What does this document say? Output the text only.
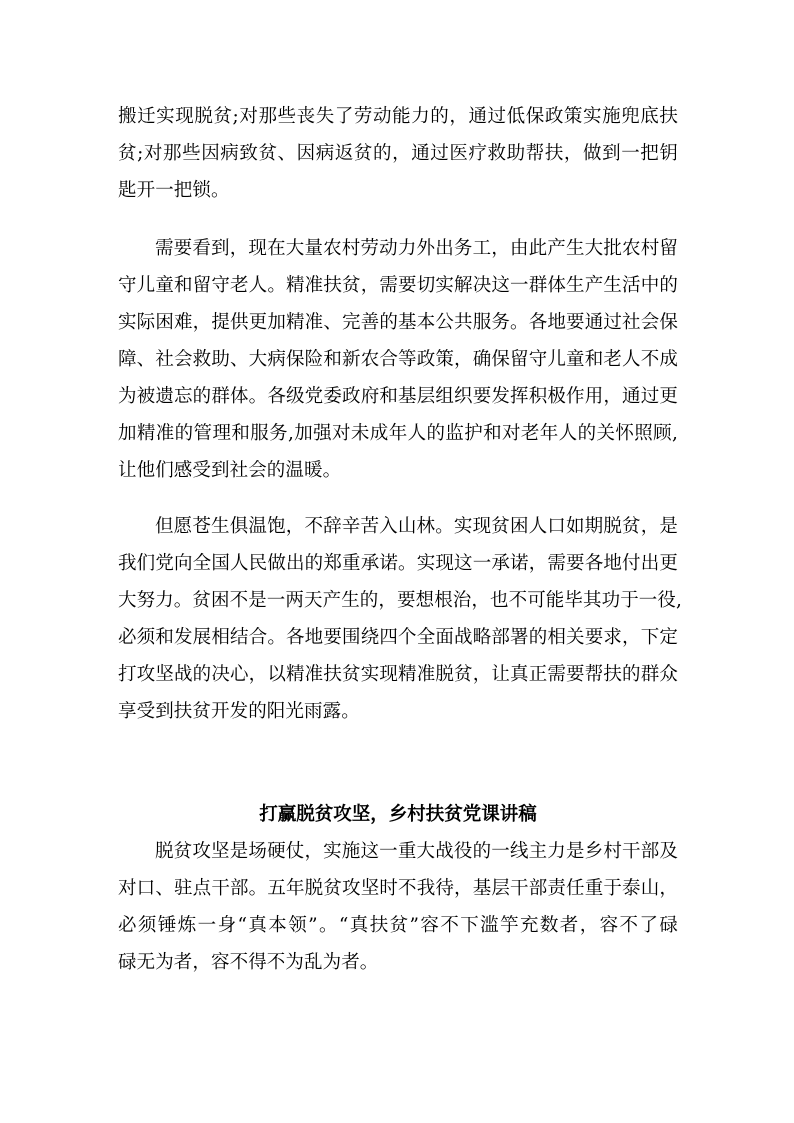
搬迁实现脱贫;对那些丧失了劳动能力的，通过低保政策实施兜底扶
贫;对那些因病致贫、因病返贫的，通过医疗救助帮扶，做到一把钥
匙开一把锁。
需要看到，现在大量农村劳动力外出务工，由此产生大批农村留
守儿童和留守老人。精准扶贫，需要切实解决这一群体生产生活中的
实际困难，提供更加精准、完善的基本公共服务。各地要通过社会保
障、社会救助、大病保险和新农合等政策，确保留守儿童和老人不成
为被遗忘的群体。各级党委政府和基层组织要发挥积极作用，通过更
加精准的管理和服务,加强对未成年人的监护和对老年人的关怀照顾,
让他们感受到社会的温暖。
但愿苍生俱温饱，不辞辛苦入山林。实现贫困人口如期脱贫，是
我们党向全国人民做出的郑重承诺。实现这一承诺，需要各地付出更
大努力。贫困不是一两天产生的，要想根治，也不可能毕其功于一役,
必须和发展相结合。各地要围绕四个全面战略部署的相关要求，下定
打攻坚战的决心，以精准扶贫实现精准脱贫，让真正需要帮扶的群众
享受到扶贫开发的阳光雨露。
打赢脱贫攻坚，乡村扶贫党课讲稿
脱贫攻坚是场硬仗，实施这一重大战役的一线主力是乡村干部及
对口、驻点干部。五年脱贫攻坚时不我待，基层干部责任重于泰山，
必须锤炼一身“真本领”。“真扶贫”容不下滥竽充数者，容不了碌
碌无为者，容不得不为乱为者。
